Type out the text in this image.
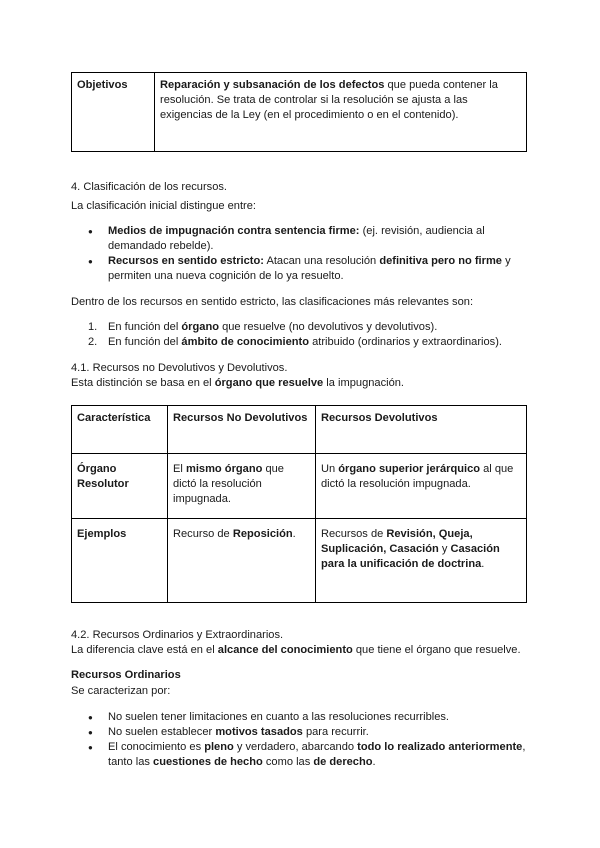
Objetivos	Reparación y subsanación de los defectos que pueda contener la resolución. Se trata de controlar si la resolución se ajusta a las exigencias de la Ley (en el procedimiento o en el contenido).
4. Clasificación de los recursos.
La clasificación inicial distingue entre:
● Medios de impugnación contra sentencia firme: (ej. revisión, audiencia al demandado rebelde).
● Recursos en sentido estricto: Atacan una resolución definitiva pero no firme y permiten una nueva cognición de lo ya resuelto.
Dentro de los recursos en sentido estricto, las clasificaciones más relevantes son:
1. En función del órgano que resuelve (no devolutivos y devolutivos).
2. En función del ámbito de conocimiento atribuido (ordinarios y extraordinarios).
4.1. Recursos no Devolutivos y Devolutivos.
Esta distinción se basa en el órgano que resuelve la impugnación.
Característica	Recursos No Devolutivos	Recursos Devolutivos
Órgano Resolutor	El mismo órgano que dictó la resolución impugnada.	Un órgano superior jerárquico al que dictó la resolución impugnada.
Ejemplos	Recurso de Reposición.	Recursos de Revisión, Queja, Suplicación, Casación y Casación para la unificación de doctrina.
4.2. Recursos Ordinarios y Extraordinarios.
La diferencia clave está en el alcance del conocimiento que tiene el órgano que resuelve.
Recursos Ordinarios
Se caracterizan por:
● No suelen tener limitaciones en cuanto a las resoluciones recurribles.
● No suelen establecer motivos tasados para recurrir.
● El conocimiento es pleno y verdadero, abarcando todo lo realizado anteriormente, tanto las cuestiones de hecho como las de derecho.
